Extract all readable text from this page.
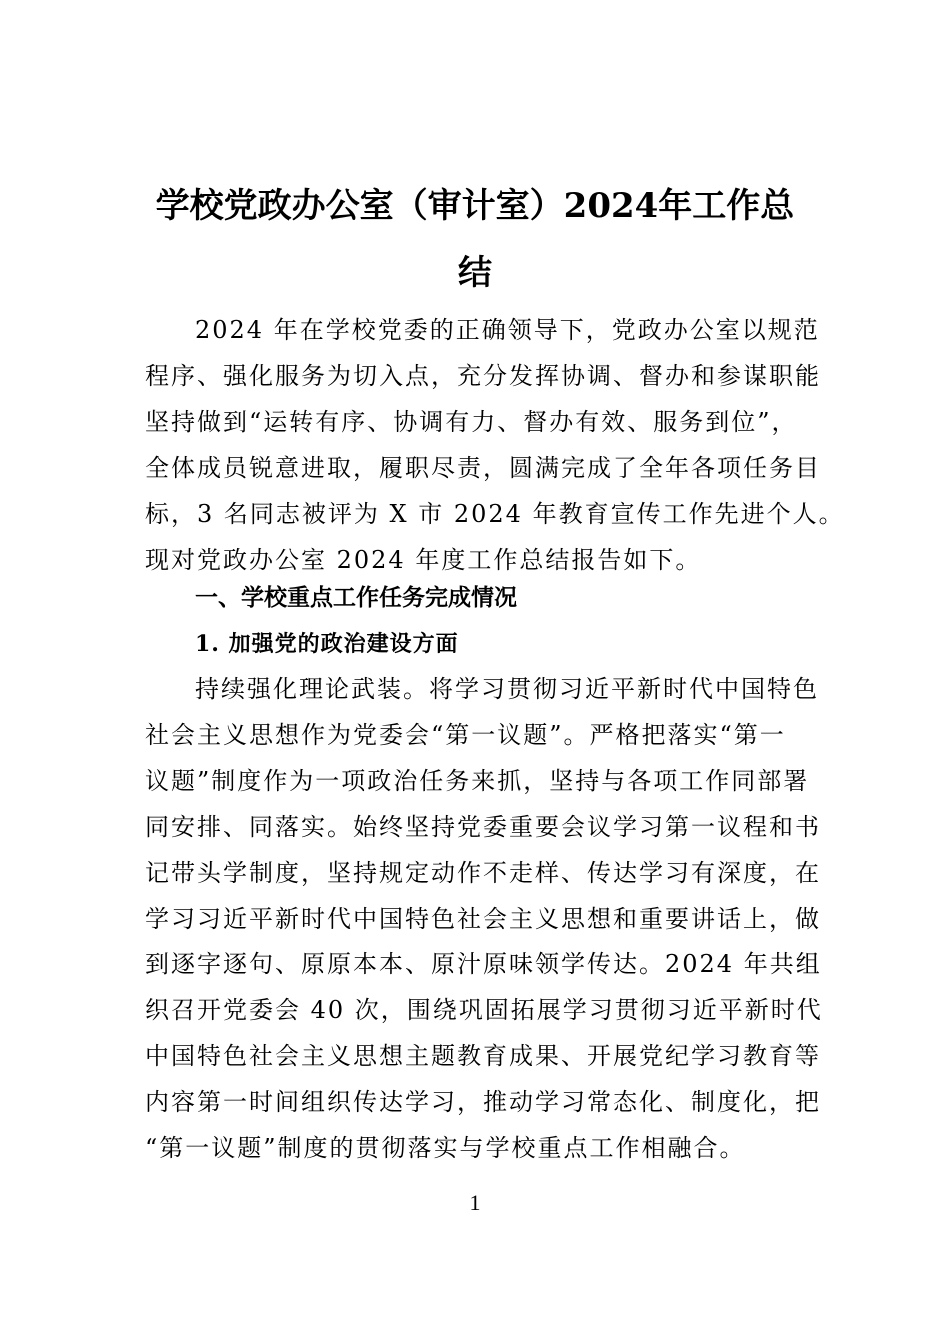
学校党政办公室（审计室）2024年工作总
结
2024 年在学校党委的正确领导下，党政办公室以规范
程序、强化服务为切入点，充分发挥协调、督办和参谋职能
坚持做到“运转有序、协调有力、督办有效、服务到位”，
全体成员锐意进取，履职尽责，圆满完成了全年各项任务目
标，3 名同志被评为 X 市 2024 年教育宣传工作先进个人。
现对党政办公室 2024 年度工作总结报告如下。
一、学校重点工作任务完成情况
1. 加强党的政治建设方面
持续强化理论武装。将学习贯彻习近平新时代中国特色
社会主义思想作为党委会“第一议题”。严格把落实“第一
议题”制度作为一项政治任务来抓，坚持与各项工作同部署
同安排、同落实。始终坚持党委重要会议学习第一议程和书
记带头学制度，坚持规定动作不走样、传达学习有深度，在
学习习近平新时代中国特色社会主义思想和重要讲话上，做
到逐字逐句、原原本本、原汁原味领学传达。2024 年共组
织召开党委会 40 次，围绕巩固拓展学习贯彻习近平新时代
中国特色社会主义思想主题教育成果、开展党纪学习教育等
内容第一时间组织传达学习，推动学习常态化、制度化，把
“第一议题”制度的贯彻落实与学校重点工作相融合。
1
